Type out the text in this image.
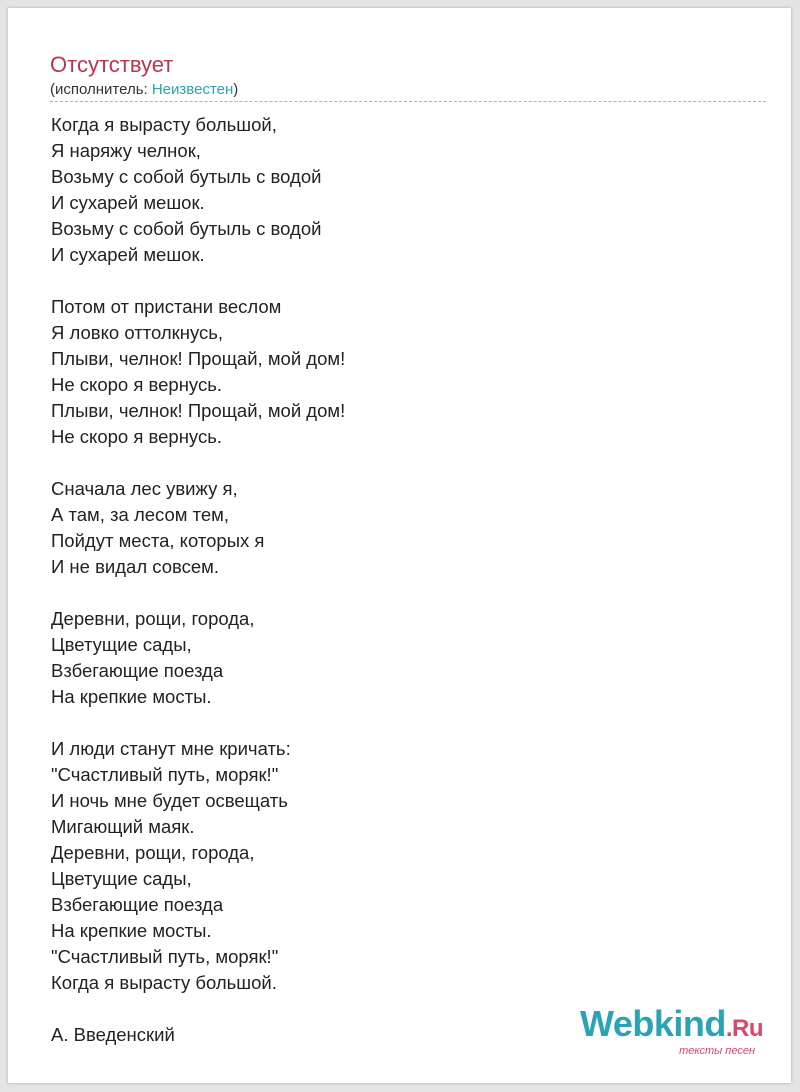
Отсутствует
(исполнитель: Неизвестен)
Когда я вырасту большой,
Я наряжу челнок,
Возьму с собой бутыль с водой
И сухарей мешок.
Возьму с собой бутыль с водой
И сухарей мешок.
Потом от пристани веслом
Я ловко оттолкнусь,
Плыви, челнок! Прощай, мой дом!
Не скоро я вернусь.
Плыви, челнок! Прощай, мой дом!
Не скоро я вернусь.
Сначала лес увижу я,
А там, за лесом тем,
Пойдут места, которых я
И не видал совсем.
Деревни, рощи, города,
Цветущие сады,
Взбегающие поезда
На крепкие мосты.
И люди станут мне кричать:
"Счастливый путь, моряк!"
И ночь мне будет освещать
Мигающий маяк.
Деревни, рощи, города,
Цветущие сады,
Взбегающие поезда
На крепкие мосты.
"Счастливый путь, моряк!"
Когда я вырасту большой.
А. Введенский	Webkind.Ru
тексты песен
